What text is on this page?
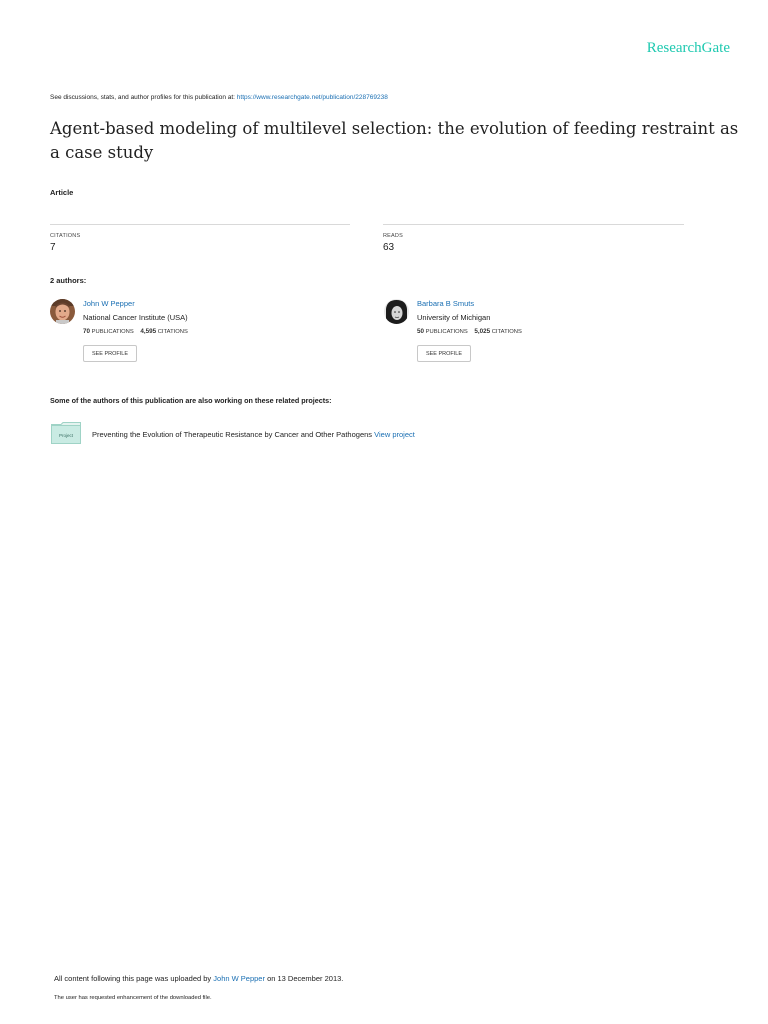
ResearchGate
See discussions, stats, and author profiles for this publication at: https://www.researchgate.net/publication/228769238
Agent-based modeling of multilevel selection: the evolution of feeding restraint as a case study
Article
CITATIONS
7
READS
63
2 authors:
John W Pepper
National Cancer Institute (USA)
70 PUBLICATIONS 4,595 CITATIONS
SEE PROFILE
Barbara B Smuts
University of Michigan
50 PUBLICATIONS 5,025 CITATIONS
SEE PROFILE
Some of the authors of this publication are also working on these related projects:
Project	Preventing the Evolution of Therapeutic Resistance by Cancer and Other Pathogens View project
All content following this page was uploaded by John W Pepper on 13 December 2013.
The user has requested enhancement of the downloaded file.
